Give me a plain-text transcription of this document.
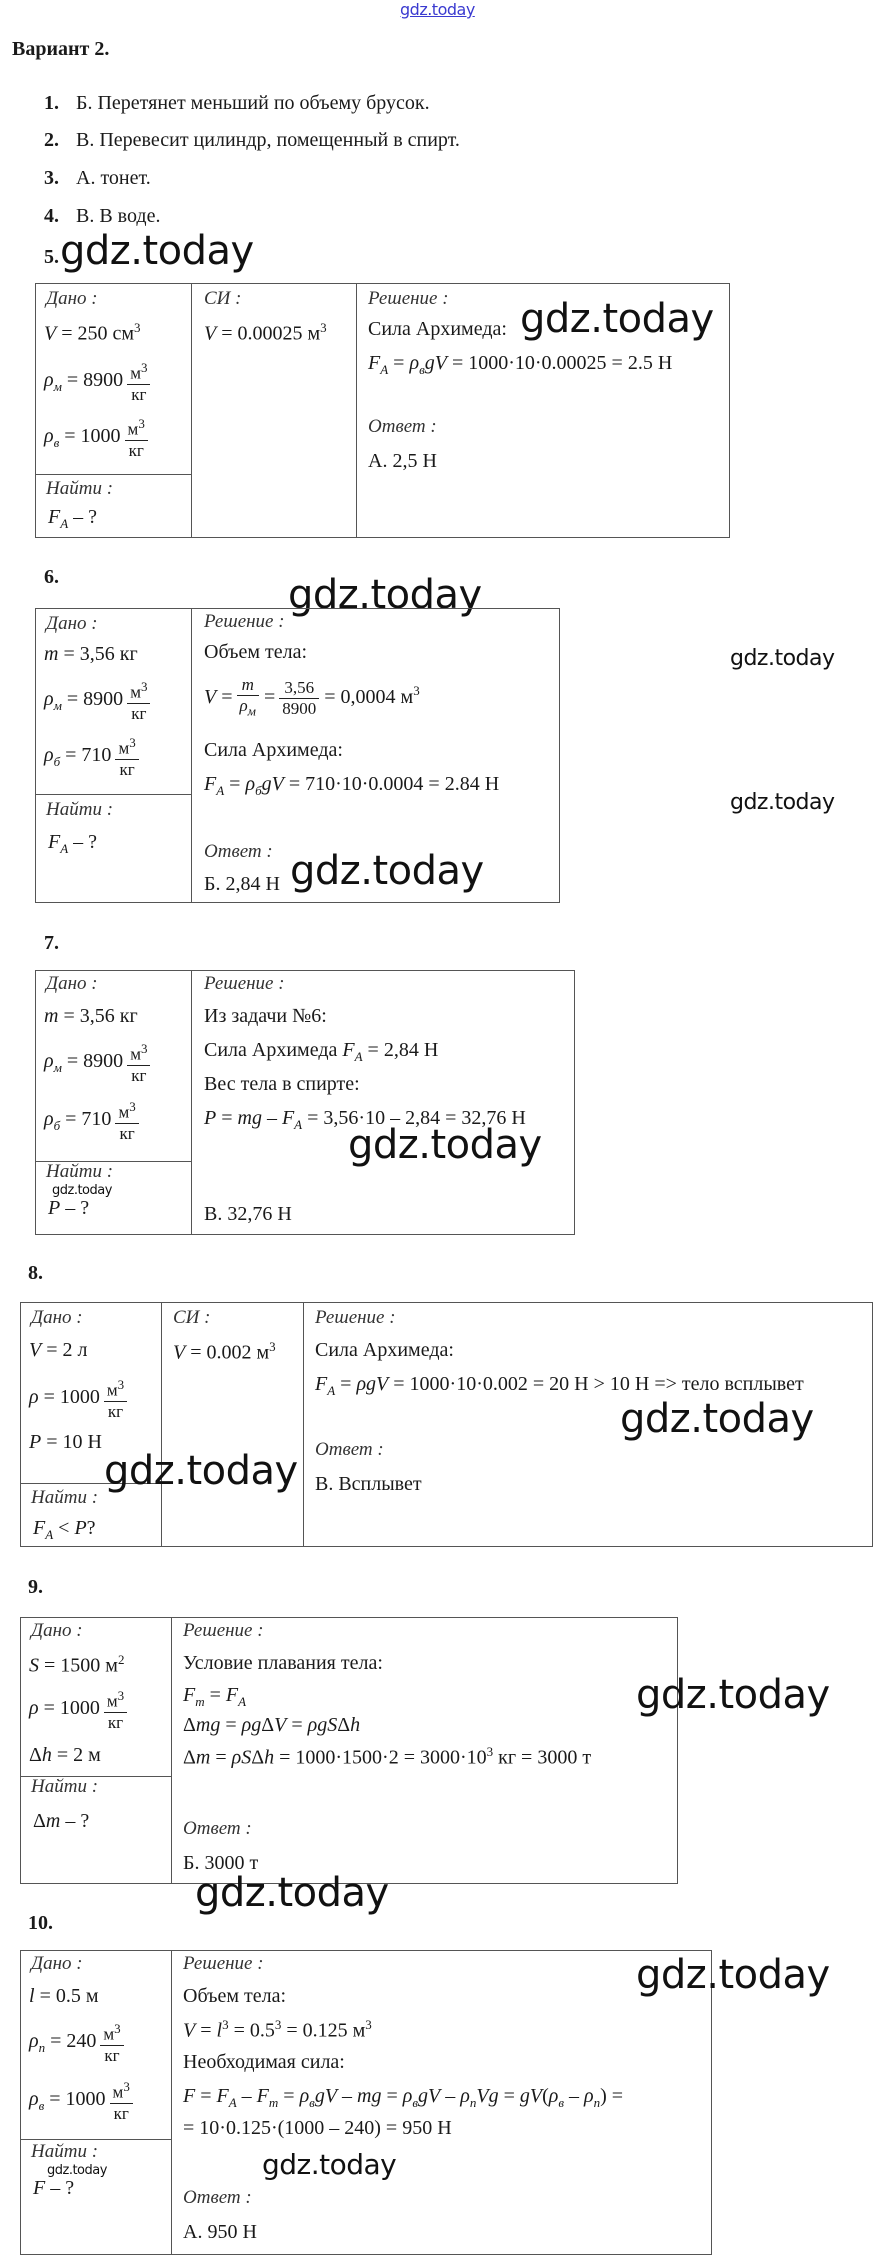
gdz.today
Вариант 2.
1. Б. Перетянет меньший по объему брусок.
2. В. Перевесит цилиндр, помещенный в спирт.
3. А. тонет.
4. В. В воде.
5. gdz.today
Дано :
V = 250 $см^3$
$\rho_м = 8900$ $м^3$
кг
$\rho_в = 1000$ $м^3$
кг
Найти :
$F_A$ – ?
СИ :
V = 0.00025 $м^3$
Решение :
Сила Архимеда:
$F_A = \rho_вgV = 1000\cdot 10\cdot 0.00025 = 2.5$ Н
Ответ :
А. 2,5 Н
gdz.today
6.	gdz.today
Дано :
m = 3,56 кг
$\rho_м = 8900$ $м^3$
кг
$\rho_б = 710$ $м^3$
кг
Найти :
$F_A$ – ?
Решение :
Объем тела:
V =
m
$\rho_м$
= $\frac{3,56}{8900} = 0,0004$ $м^3$
Сила Архимеда:
$F_A = \rho_бgV = 710\cdot 10\cdot 0.0004 = 2.84$ Н
Ответ :
Б. 2,84 Н
gdz.today
gdz.today
gdz.today
7.
Дано :
m = 3,56 кг
$\rho_м = 8900$ $м^3$
кг
$\rho_б = 710$ $м^3$
кг
Найти :
gdz.today
P – ?
Решение :
Из задачи №6:
Сила Архимеда $F_A = 2,84$ Н
Вес тела в спирте:
P = mg – $F_A = 3,56\cdot 10 - 2,84 = 32,76$ Н
В. 32,76 Н
gdz.today
8.
Дано :
V = 2 л
ρ = 1000 $м^3$
кг
P = 10 Н
Найти :
$F_A < P$?
СИ :
V = 0.002 $м^3$
Решение :
Сила Архимеда:
$F_A = \rho gV = 1000\cdot 10\cdot 0.002 = 20$ Н > 10 Н => тело всплывет
Ответ :
В. Всплывет
gdz.today
gdz.today
9.
Дано :
S = 1500 $м^2$
ρ = 1000 $м^3$
кг
Δh = 2 м
Найти :
Δm – ?
Решение :
Условие плавания тела:
$F_m = F_A$
Δmg = ρgΔV = ρgSΔh
$\Delta m = \rho S\Delta h = 1000\cdot 1500\cdot 2 = 3000\cdot 10^3$ кг = 3000 т
Ответ :
Б. 3000 т
gdz.today
gdz.today
10.
Дано :
l = 0.5 м
$\rho_п = 240$ $м^3$
кг
$\rho_в = 1000$ $м^3$
кг
Найти :
gdz.today
F – ?
Решение :
Объем тела:
$V = l^3 = 0.5^3 = 0.125$ $м^3$
Необходимая сила:
$F = F_A - F_m = \rho_вgV$ – mg = $\rho_вgV - \rho_пVg = gV(\rho_в - \rho_п)$ =
= 10·0.125·(1000 – 240) = 950 Н
Ответ :
А. 950 Н
gdz.today
gdz.today
